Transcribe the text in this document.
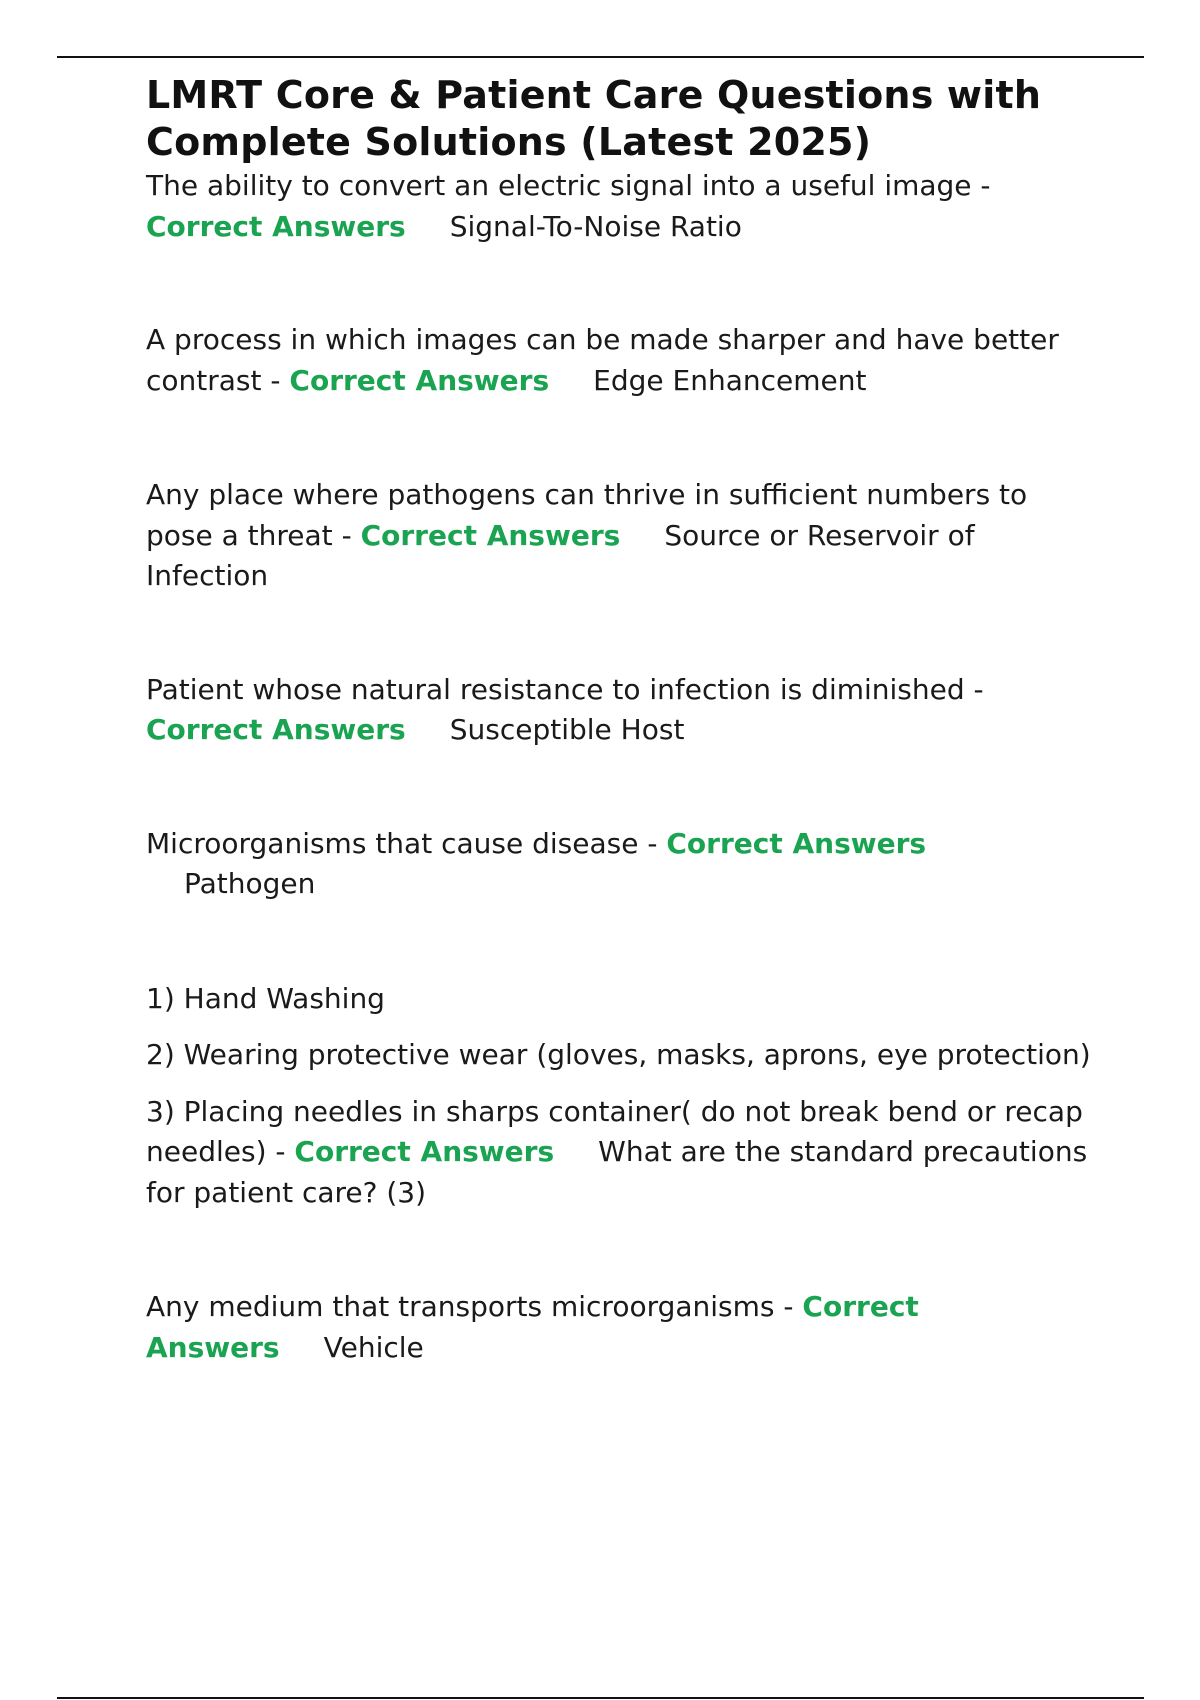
LMRT Core & Patient Care Questions with Complete Solutions (Latest 2025)

The ability to convert an electric signal into a useful image -
Correct Answers Signal-To-Noise Ratio

A process in which images can be made sharper and have better contrast - Correct Answers Edge Enhancement

Any place where pathogens can thrive in sufficient numbers to pose a threat - Correct Answers Source or Reservoir of Infection

Patient whose natural resistance to infection is diminished -
Correct Answers Susceptible Host

Microorganisms that cause disease - Correct Answers
Pathogen

1) Hand Washing

2) Wearing protective wear (gloves, masks, aprons, eye protection)

3) Placing needles in sharps container( do not break bend or recap needles) - Correct Answers What are the standard precautions for patient care? (3)

Any medium that transports microorganisms - Correct Answers Vehicle
